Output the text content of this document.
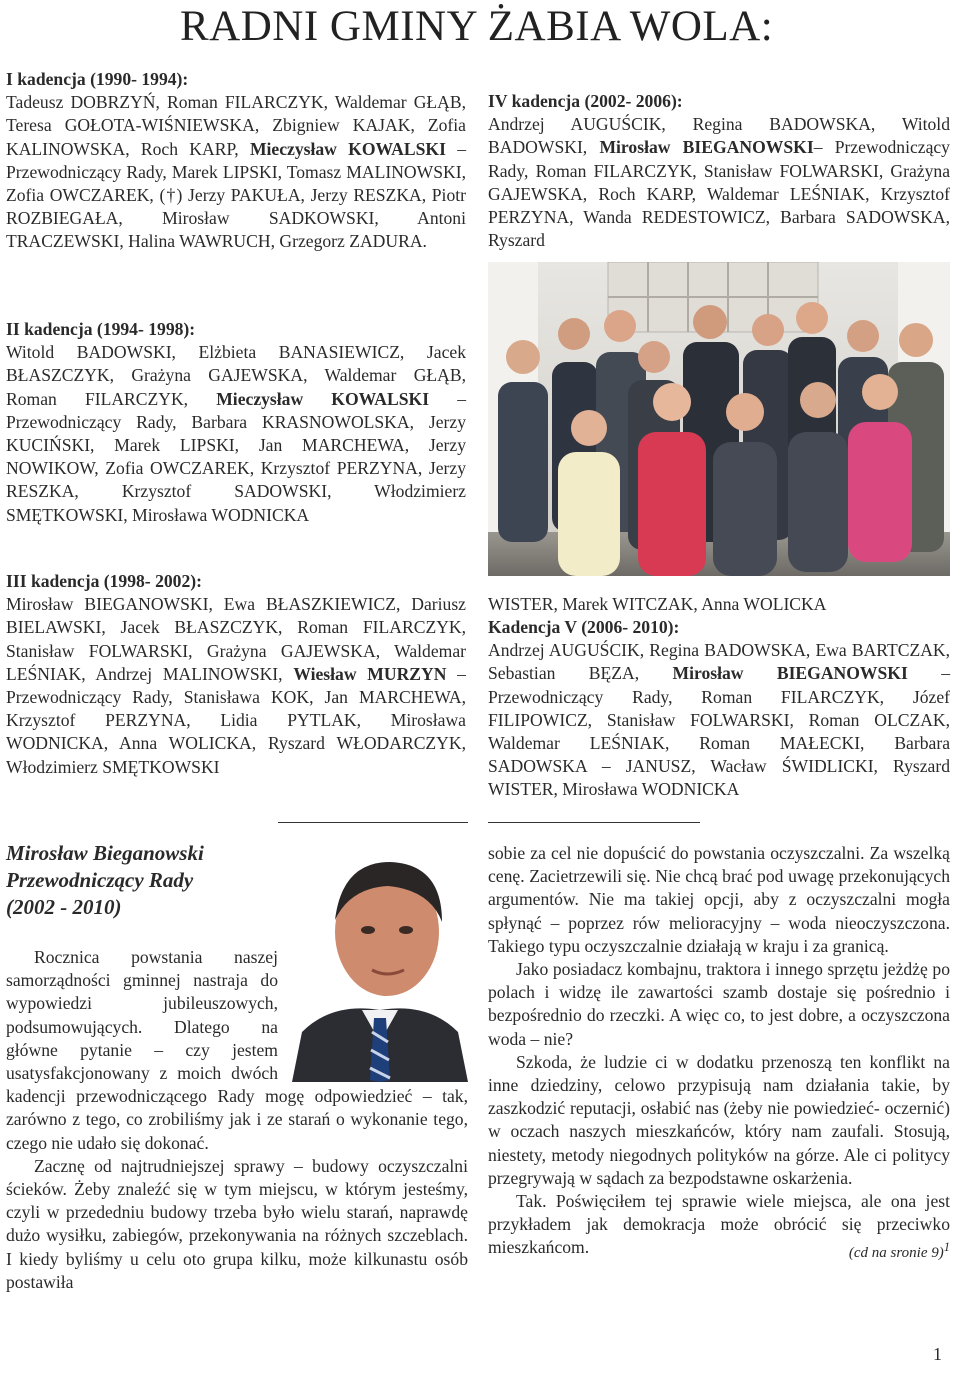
RADNI GMINY ŻABIA WOLA:
I kadencja (1990- 1994):
Tadeusz DOBRZYŃ, Roman FILARCZYK, Waldemar GŁĄB, Teresa GOŁOTA-WIŚNIEWSKA, Zbigniew KAJAK, Zofia KALINOWSKA, Roch KARP, Mieczysław KOWALSKI – Przewodniczący Rady, Marek LIPSKI, Tomasz MALINOWSKI, Zofia OWCZAREK, (†) Jerzy PAKUŁA, Jerzy RESZKA, Piotr ROZBIEGAŁA, Mirosław SADKOWSKI, Antoni TRACZEWSKI, Halina WAWRUCH, Grzegorz ZADURA.
II kadencja (1994- 1998):
Witold BADOWSKI, Elżbieta BANASIEWICZ, Jacek BŁASZCZYK, Grażyna GAJEWSKA, Waldemar GŁĄB, Roman FILARCZYK, Mieczysław KOWALSKI – Przewodniczący Rady, Barbara KRASNOWOLSKA, Jerzy KUCIŃSKI, Marek LIPSKI, Jan MARCHEWA, Jerzy NOWIKOW, Zofia OWCZAREK, Krzysztof PERZYNA, Jerzy RESZKA, Krzysztof SADOWSKI, Włodzimierz SMĘTKOWSKI, Mirosława WODNICKA
III kadencja (1998- 2002):
Mirosław BIEGANOWSKI, Ewa BŁASZKIEWICZ, Dariusz BIELAWSKI, Jacek BŁASZCZYK, Roman FILARCZYK, Stanisław FOLWARSKI, Grażyna GAJEWSKA, Waldemar LEŚNIAK, Andrzej MALINOWSKI, Wiesław MURZYN – Przewodniczący Rady, Stanisława KOK, Jan MARCHEWA, Krzysztof PERZYNA, Lidia PYTLAK, Mirosława WODNICKA, Anna WOLICKA, Ryszard WŁODARCZYK, Włodzimierz SMĘTKOWSKI
IV kadencja (2002- 2006):
Andrzej AUGUŚCIK, Regina BADOWSKA, Witold BADOWSKI, Mirosław BIEGANOWSKI– Przewodniczący Rady, Roman FILARCZYK, Stanisław FOLWARSKI, Grażyna GAJEWSKA, Roch KARP, Waldemar LEŚNIAK, Krzysztof PERZYNA, Wanda REDESTOWICZ, Barbara SADOWSKA, Ryszard
WISTER, Marek WITCZAK, Anna WOLICKA
Kadencja V (2006- 2010):
Andrzej AUGUŚCIK, Regina BADOWSKA, Ewa BARTCZAK, Sebastian BĘZA, Mirosław BIEGANOWSKI – Przewodniczący Rady, Roman FILARCZYK, Józef FILIPOWICZ, Stanisław FOLWARSKI, Roman OLCZAK, Waldemar LEŚNIAK, Roman MAŁECKI, Barbara SADOWSKA – JANUSZ, Wacław ŚWIDLICKI, Ryszard WISTER, Mirosława WODNICKA
Mirosław Bieganowski
Przewodniczący Rady
(2002 - 2010)

Rocznica powstania naszej samorządności gminnej nastraja do wypowiedzi jubileuszowych, podsumowujących. Dlatego na główne pytanie – czy jestem usatysfakcjonowany z moich dwóch kadencji przewodniczącego Rady mogę odpowiedzieć – tak, zarówno z tego, co zrobiliśmy jak i ze starań o wykonanie tego, czego nie udało się dokonać.

Zacznę od najtrudniejszej sprawy – budowy oczyszczalni ścieków. Żeby znaleźć się w tym miejscu, w którym jesteśmy, czyli w przededniu budowy trzeba było wielu starań, naprawdę dużo wysiłku, zabiegów, przekonywania na różnych szczeblach. I kiedy byliśmy u celu oto grupa kilku, może kilkunastu osób postawiła

sobie za cel nie dopuścić do powstania oczyszczalni. Za wszelką cenę. Zacietrzewili się. Nie chcą brać pod uwagę przekonujących argumentów. Nie ma takiej opcji, aby z oczyszczalni mogła spłynąć – poprzez rów melioracyjny – woda nieoczyszczona. Takiego typu oczyszczalnie działają w kraju i za granicą.

Jako posiadacz kombajnu, traktora i innego sprzętu jeżdżę po polach i widzę ile zawartości szamb dostaje się pośrednio i bezpośrednio do rzeczki. A więc co, to jest dobre, a oczyszczona woda – nie?

Szkoda, że ludzie ci w dodatku przenoszą ten konflikt na inne dziedziny, celowo przypisują nam działania takie, by zaszkodzić reputacji, osłabić nas (żeby nie powiedzieć- oczernić) w oczach naszych mieszkańców, który nam zaufali. Stosują, niestety, metody niegodnych polityków na górze. Ale ci politycy przegrywają w sądach za bezpodstawne oskarżenia.

Tak. Poświęciłem tej sprawie wiele miejsca, ale ona jest przykładem jak demokracja może obrócić się przeciwko mieszkańcom.	(cd na sronie 9)$^1$

1
